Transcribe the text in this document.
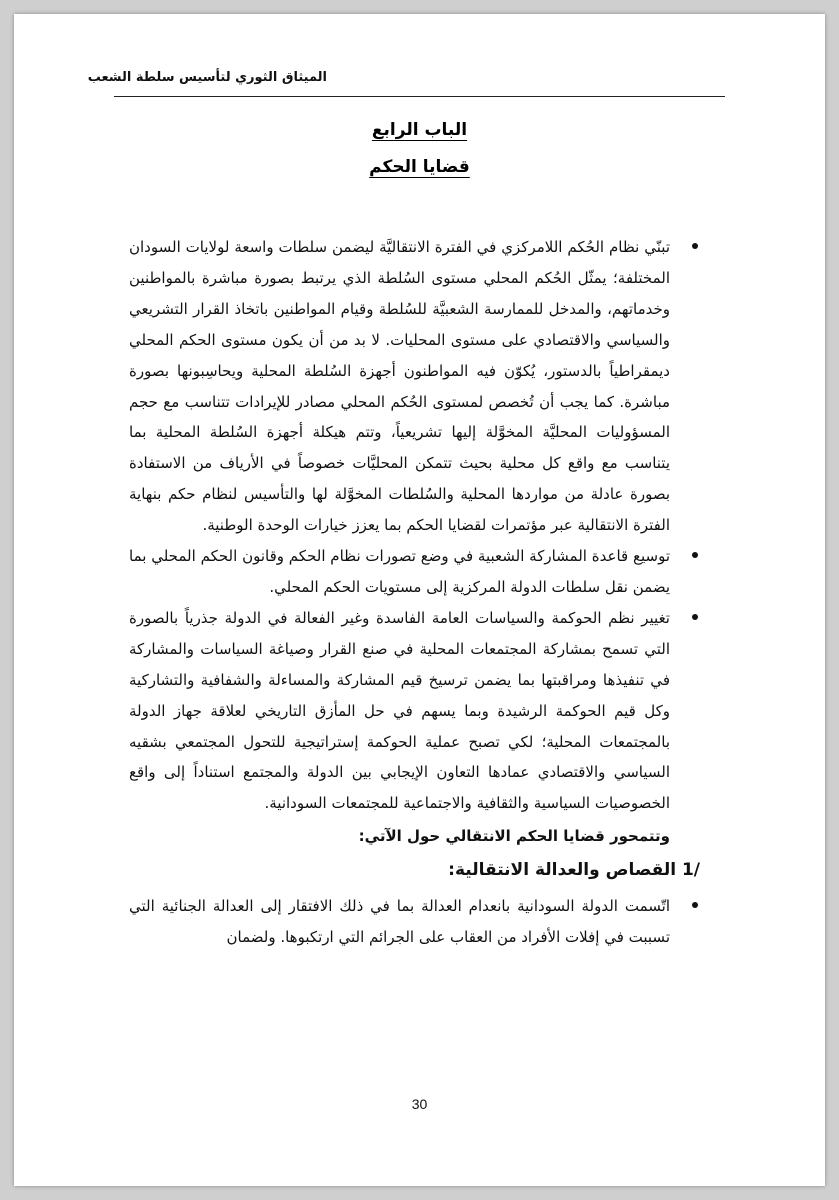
الميثاق الثوري لتأسيس سلطة الشعب
الباب الرابع
قضايا الحكم
تبنّي نظام الحُكم اللامركزي في الفترة الانتقاليَّة ليضمن سلطات واسعة لولايات السودان المختلفة؛ يمثّل الحُكم المحلي مستوى السُلطة الذي يرتبط بصورة مباشرة بالمواطنين وخدماتهم، والمدخل للممارسة الشعبيَّة للسُلطة وقيام المواطنين باتخاذ القرار التشريعي والسياسي والاقتصادي على مستوى المحليات. لا بد من أن يكون مستوى الحكم المحلي ديمقراطياً بالدستور، يُكوّن فيه المواطنون أجهزة السُلطة المحلية ويحاسِبونها بصورة مباشرة. كما يجب أن تُخصص لمستوى الحُكم المحلي مصادر للإيرادات تتناسب مع حجم المسؤوليات المحليَّة المخوَّلة إليها تشريعياً، وتتم هيكلة أجهزة السُلطة المحلية بما يتناسب مع واقع كل محلية بحيث تتمكن المحليَّات خصوصاً في الأرياف من الاستفادة بصورة عادلة من مواردها المحلية والسُلطات المخوَّلة لها والتأسيس لنظام حكم بنهاية الفترة الانتقالية عبر مؤتمرات لقضايا الحكم بما يعزز خيارات الوحدة الوطنية.
توسيع قاعدة المشاركة الشعبية في وضع تصورات نظام الحكم وقانون الحكم المحلي بما يضمن نقل سلطات الدولة المركزية إلى مستويات الحكم المحلي.
تغيير نظم الحوكمة والسياسات العامة الفاسدة وغير الفعالة في الدولة جذرياً بالصورة التي تسمح بمشاركة المجتمعات المحلية في صنع القرار وصياغة السياسات والمشاركة في تنفيذها ومراقبتها بما يضمن ترسيخ قيم المشاركة والمساءلة والشفافية والتشاركية وكل قيم الحوكمة الرشيدة وبما يسهم في حل المأزق التاريخي لعلاقة جهاز الدولة بالمجتمعات المحلية؛ لكي تصبح عملية الحوكمة إستراتيجية للتحول المجتمعي بشقيه السياسي والاقتصادي عمادها التعاون الإيجابي بين الدولة والمجتمع استناداً إلى واقع الخصوصيات السياسية والثقافية والاجتماعية للمجتمعات السودانية.
وتتمحور قضايا الحكم الانتقالي حول الآتي:
1/ القصاص والعدالة الانتقالية:
اتّسمت الدولة السودانية بانعدام العدالة بما في ذلك الافتقار إلى العدالة الجنائية التي تسببت في إفلات الأفراد من العقاب على الجرائم التي ارتكبوها. ولضمان
30
